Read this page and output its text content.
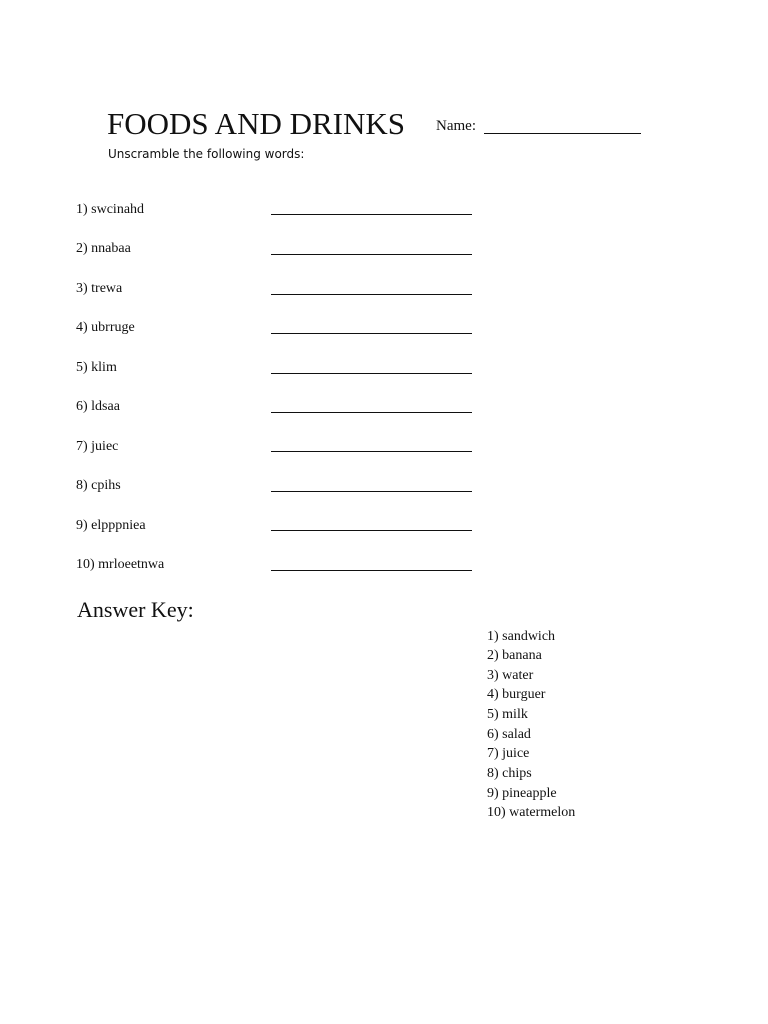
FOODS AND DRINKS Name:
Unscramble the following words:
1) swcinahd
2) nnabaa
3) trewa
4) ubrruge
5) klim
6) ldsaa
7) juiec
8) cpihs
9) elpppniea
10) mrloeetnwa
Answer Key:
1) sandwich
2) banana
3) water
4) burguer
5) milk
6) salad
7) juice
8) chips
9) pineapple
10) watermelon
